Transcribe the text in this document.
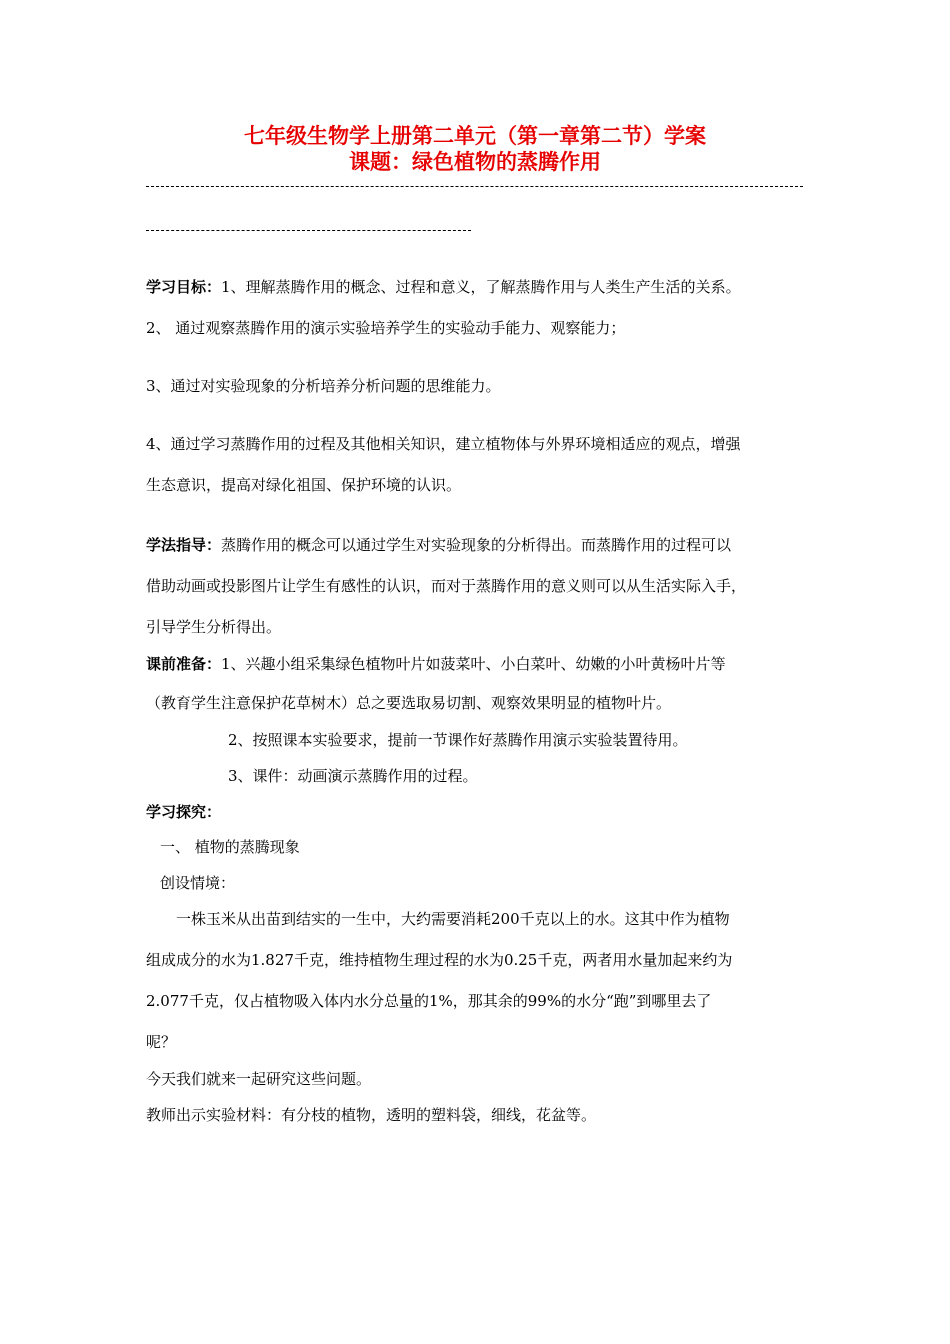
七年级生物学上册第二单元（第一章第二节）学案
课题：绿色植物的蒸腾作用
学习目标：1、理解蒸腾作用的概念、过程和意义，了解蒸腾作用与人类生产生活的关系。
2、 通过观察蒸腾作用的演示实验培养学生的实验动手能力、观察能力；
3、通过对实验现象的分析培养分析问题的思维能力。
4、通过学习蒸腾作用的过程及其他相关知识，建立植物体与外界环境相适应的观点，增强
生态意识，提高对绿化祖国、保护环境的认识。
学法指导：蒸腾作用的概念可以通过学生对实验现象的分析得出。而蒸腾作用的过程可以
借助动画或投影图片让学生有感性的认识，而对于蒸腾作用的意义则可以从生活实际入手，
引导学生分析得出。
课前准备：1、兴趣小组采集绿色植物叶片如菠菜叶、小白菜叶、幼嫩的小叶黄杨叶片等
（教育学生注意保护花草树木）总之要选取易切割、观察效果明显的植物叶片。
2、按照课本实验要求，提前一节课作好蒸腾作用演示实验装置待用。
3、课件：动画演示蒸腾作用的过程。
学习探究：
一、 植物的蒸腾现象
创设情境：
一株玉米从出苗到结实的一生中，大约需要消耗200千克以上的水。这其中作为植物
组成成分的水为1.827千克，维持植物生理过程的水为0.25千克，两者用水量加起来约为
2.077千克，仅占植物吸入体内水分总量的1%，那其余的99%的水分“跑”到哪里去了
呢？
今天我们就来一起研究这些问题。
教师出示实验材料：有分枝的植物，透明的塑料袋，细线，花盆等。
